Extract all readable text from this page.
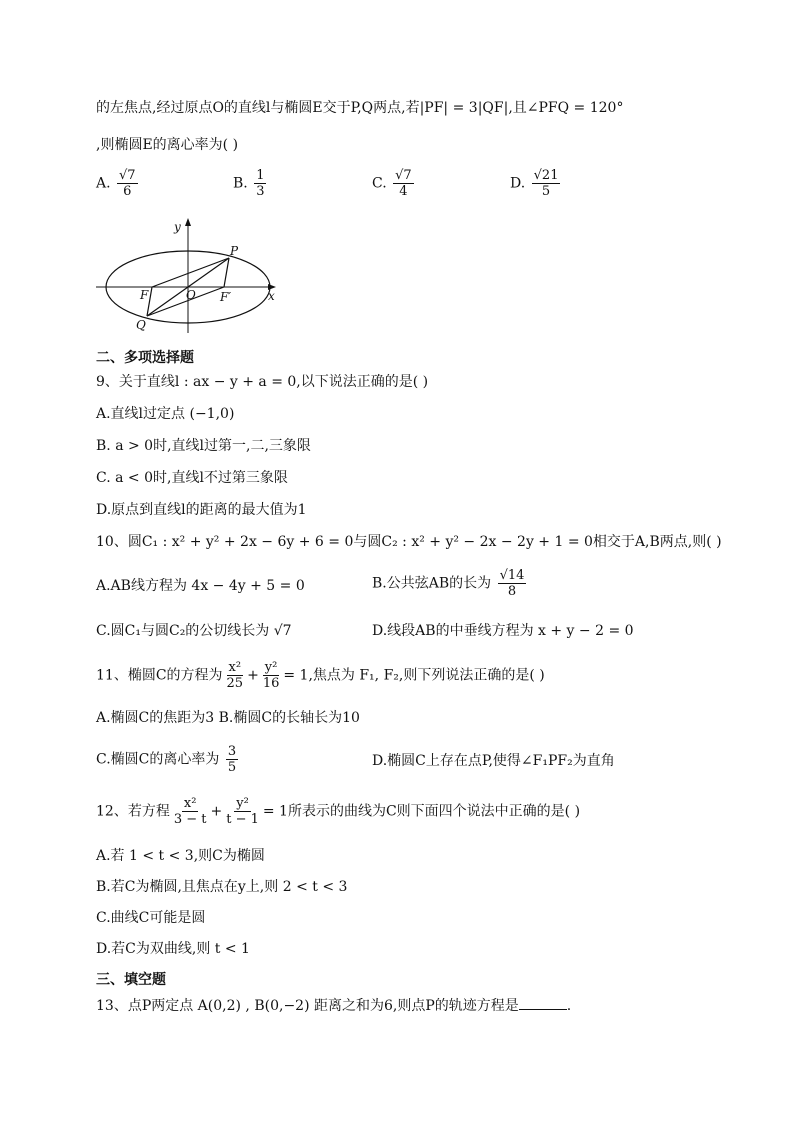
的左焦点,经过原点O的直线l与椭圆E交于P,Q两点,若|PF| = 3|QF|,且∠PFQ = 120°
,则椭圆E的离心率为( )
A. $\frac{√7}{6}$	B. $\frac{1}{3}$	C. $\frac{√7}{4}$	D. $\frac{√21}{5}$
y
x
P
Q
O
F	F′
二、多项选择题
9、关于直线l : ax − y + a = 0,以下说法正确的是( )
A.直线l过定点 (−1,0)
B. a > 0时,直线l过第一,二,三象限
C. a < 0时,直线l不过第三象限
D.原点到直线l的距离的最大值为1
10、圆C₁ : x² + y² + 2x − 6y + 6 = 0与圆C₂ : x² + y² − 2x − 2y + 1 = 0相交于A,B两点,则( )
A.AB线方程为 4x − 4y + 5 = 0	B.公共弦AB的长为 $\frac{√14}{8}$
C.圆C₁与圆C₂的公切线长为 √7	D.线段AB的中垂线方程为 x + y − 2 = 0
11、椭圆C的方程为 $\frac{\text{x²}}{25} + \frac{\text{y²}}{16} = 1$,焦点为 F₁, F₂,则下列说法正确的是( )
A.椭圆C的焦距为3 B.椭圆C的长轴长为10
C.椭圆C的离心率为 $\frac{3}{5}$	D.椭圆C上存在点P,使得∠F₁PF₂为直角
12、若方程 $\frac{\text{x²}}{3 - t} + \frac{\text{y²}}{t - 1} = 1$所表示的曲线为C则下面四个说法中正确的是( )
A.若 1 < t < 3,则C为椭圆
B.若C为椭圆,且焦点在y上,则 2 < t < 3
C.曲线C可能是圆
D.若C为双曲线,则 t < 1
三、填空题
13、点P两定点 A(0,2) , B(0,−2) 距离之和为6,则点P的轨迹方程是	.
